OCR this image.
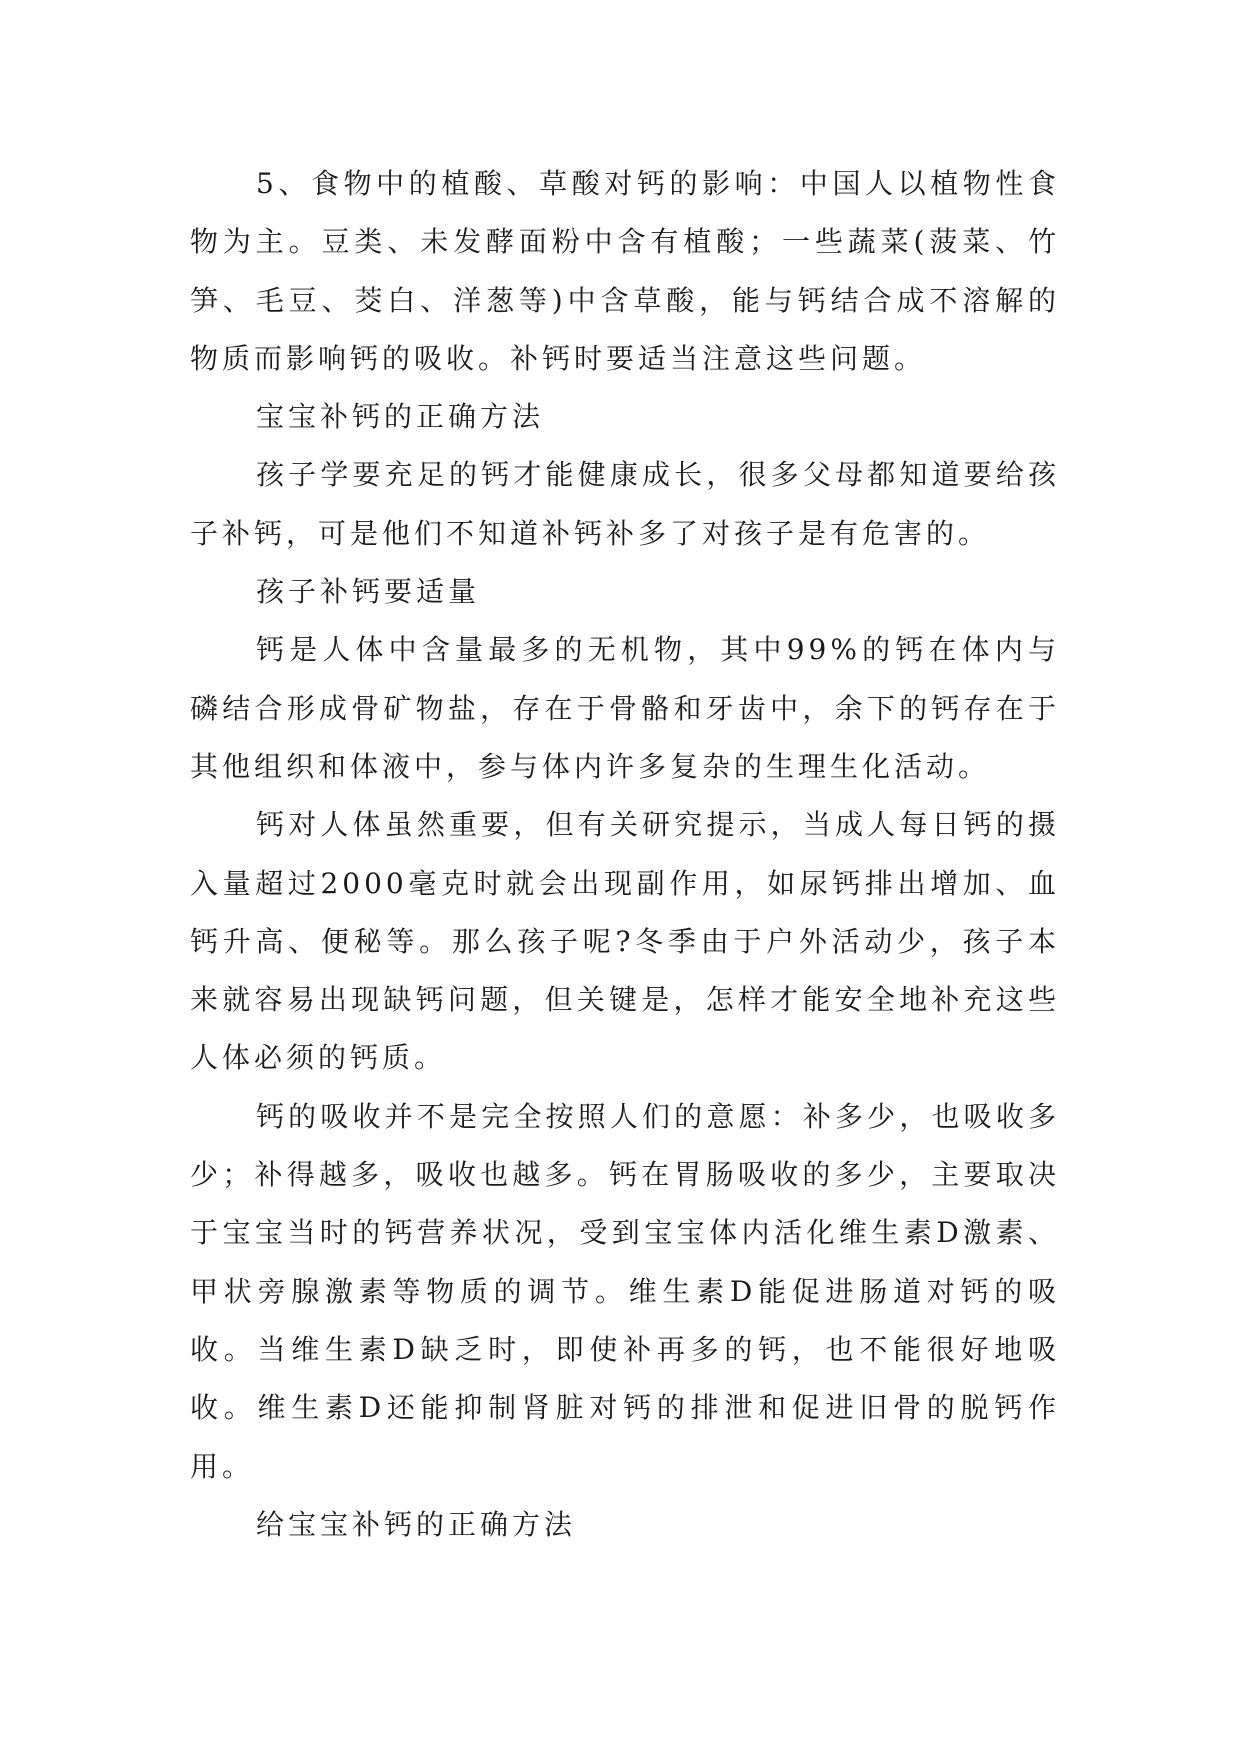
5、食物中的植酸、草酸对钙的影响：中国人以植物性食物为主。豆类、未发酵面粉中含有植酸；一些蔬菜(菠菜、竹笋、毛豆、茭白、洋葱等)中含草酸，能与钙结合成不溶解的物质而影响钙的吸收。补钙时要适当注意这些问题。

宝宝补钙的正确方法

孩子学要充足的钙才能健康成长，很多父母都知道要给孩子补钙，可是他们不知道补钙补多了对孩子是有危害的。

孩子补钙要适量

钙是人体中含量最多的无机物，其中99%的钙在体内与磷结合形成骨矿物盐，存在于骨骼和牙齿中，余下的钙存在于其他组织和体液中，参与体内许多复杂的生理生化活动。

钙对人体虽然重要，但有关研究提示，当成人每日钙的摄入量超过2000毫克时就会出现副作用，如尿钙排出增加、血钙升高、便秘等。那么孩子呢?冬季由于户外活动少，孩子本来就容易出现缺钙问题，但关键是，怎样才能安全地补充这些人体必须的钙质。

钙的吸收并不是完全按照人们的意愿：补多少，也吸收多少；补得越多，吸收也越多。钙在胃肠吸收的多少，主要取决于宝宝当时的钙营养状况，受到宝宝体内活化维生素D激素、甲状旁腺激素等物质的调节。维生素D能促进肠道对钙的吸收。当维生素D缺乏时，即使补再多的钙，也不能很好地吸收。维生素D还能抑制肾脏对钙的排泄和促进旧骨的脱钙作用。

给宝宝补钙的正确方法
